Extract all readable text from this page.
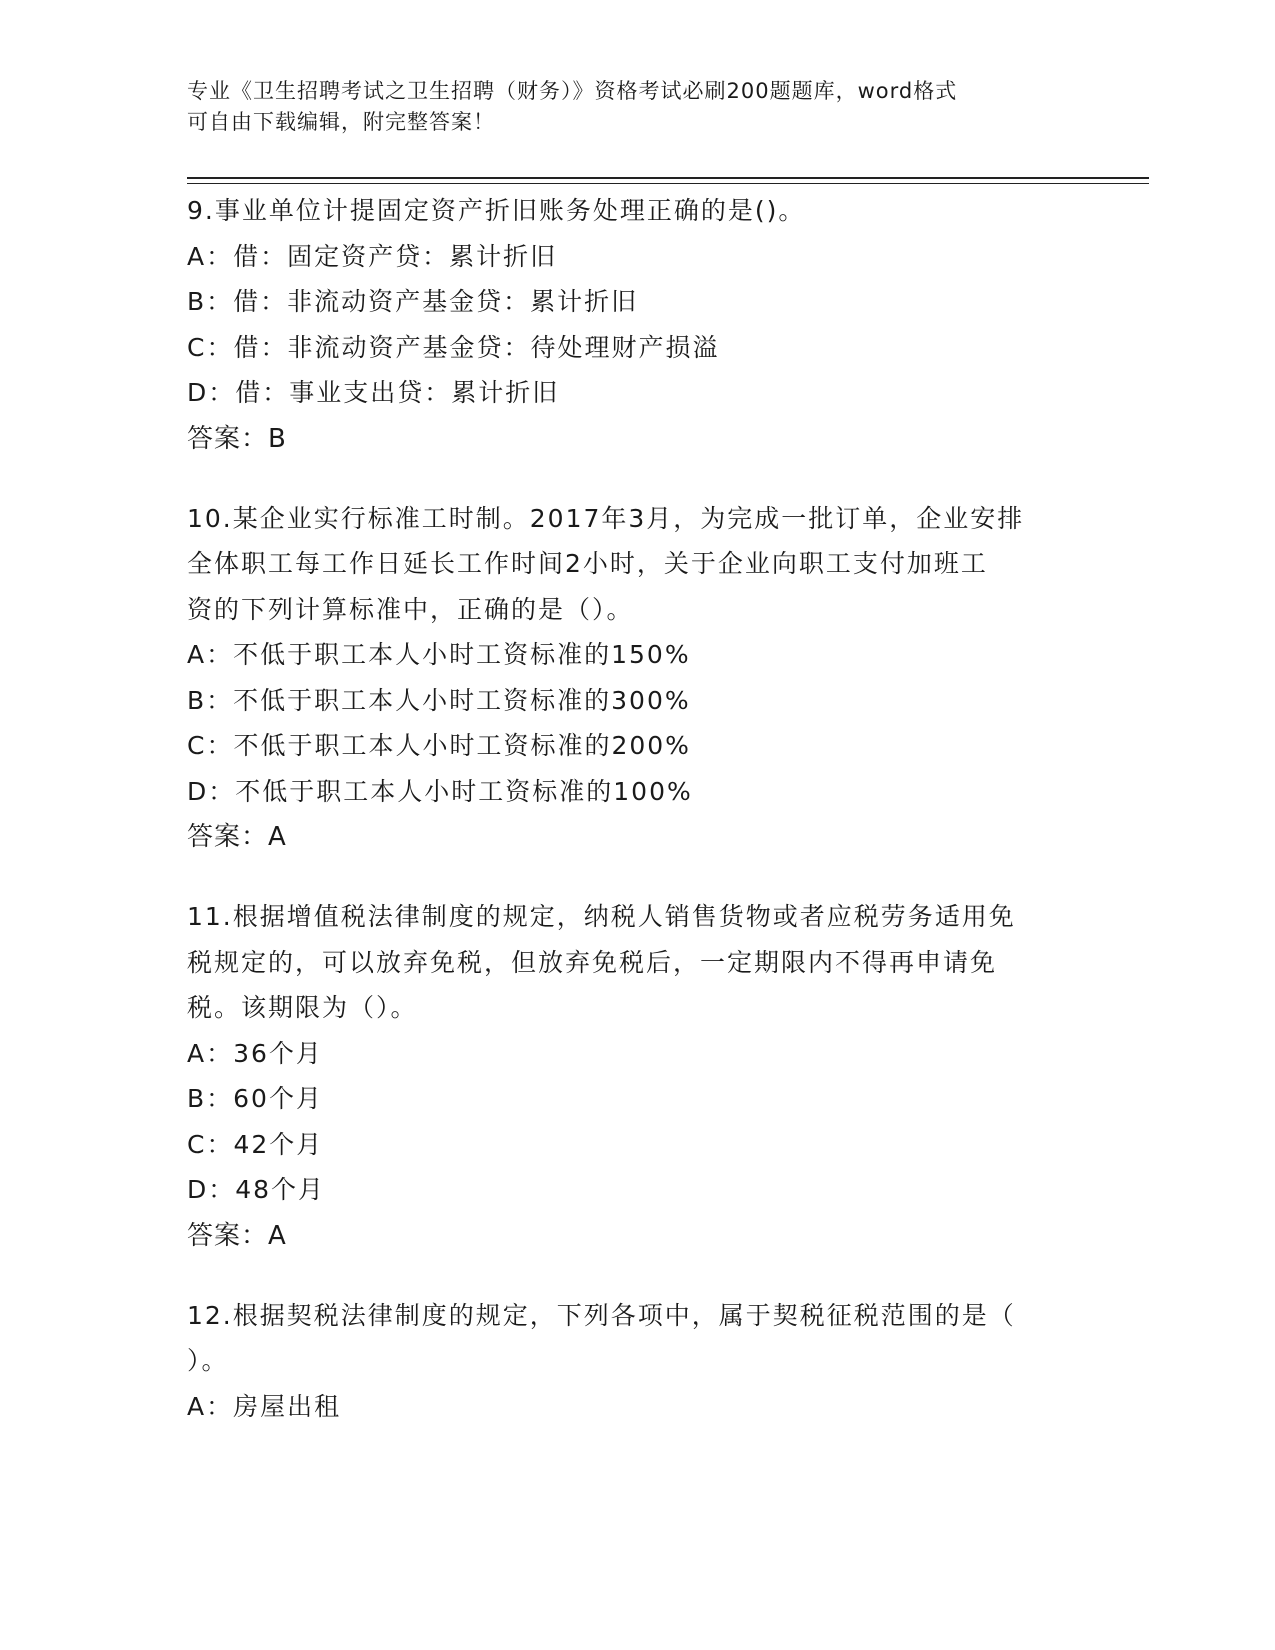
专业《卫生招聘考试之卫生招聘（财务）》资格考试必刷200题题库，word格式
可自由下载编辑，附完整答案！

9.事业单位计提固定资产折旧账务处理正确的是()。

A：借：固定资产贷：累计折旧

B：借：非流动资产基金贷：累计折旧

C：借：非流动资产基金贷：待处理财产损溢

D：借：事业支出贷：累计折旧

答案：B

10.某企业实行标准工时制。2017年3月，为完成一批订单，企业安排

全体职工每工作日延长工作时间2小时，关于企业向职工支付加班工

资的下列计算标准中，正确的是（）。

A：不低于职工本人小时工资标准的150%

B：不低于职工本人小时工资标准的300%

C：不低于职工本人小时工资标准的200%

D：不低于职工本人小时工资标准的100%

答案：A

11.根据增值税法律制度的规定，纳税人销售货物或者应税劳务适用免

税规定的，可以放弃免税，但放弃免税后，一定期限内不得再申请免

税。该期限为（）。

A：36个月

B：60个月

C：42个月

D：48个月

答案：A

12.根据契税法律制度的规定，下列各项中，属于契税征税范围的是（

）。

A：房屋出租
